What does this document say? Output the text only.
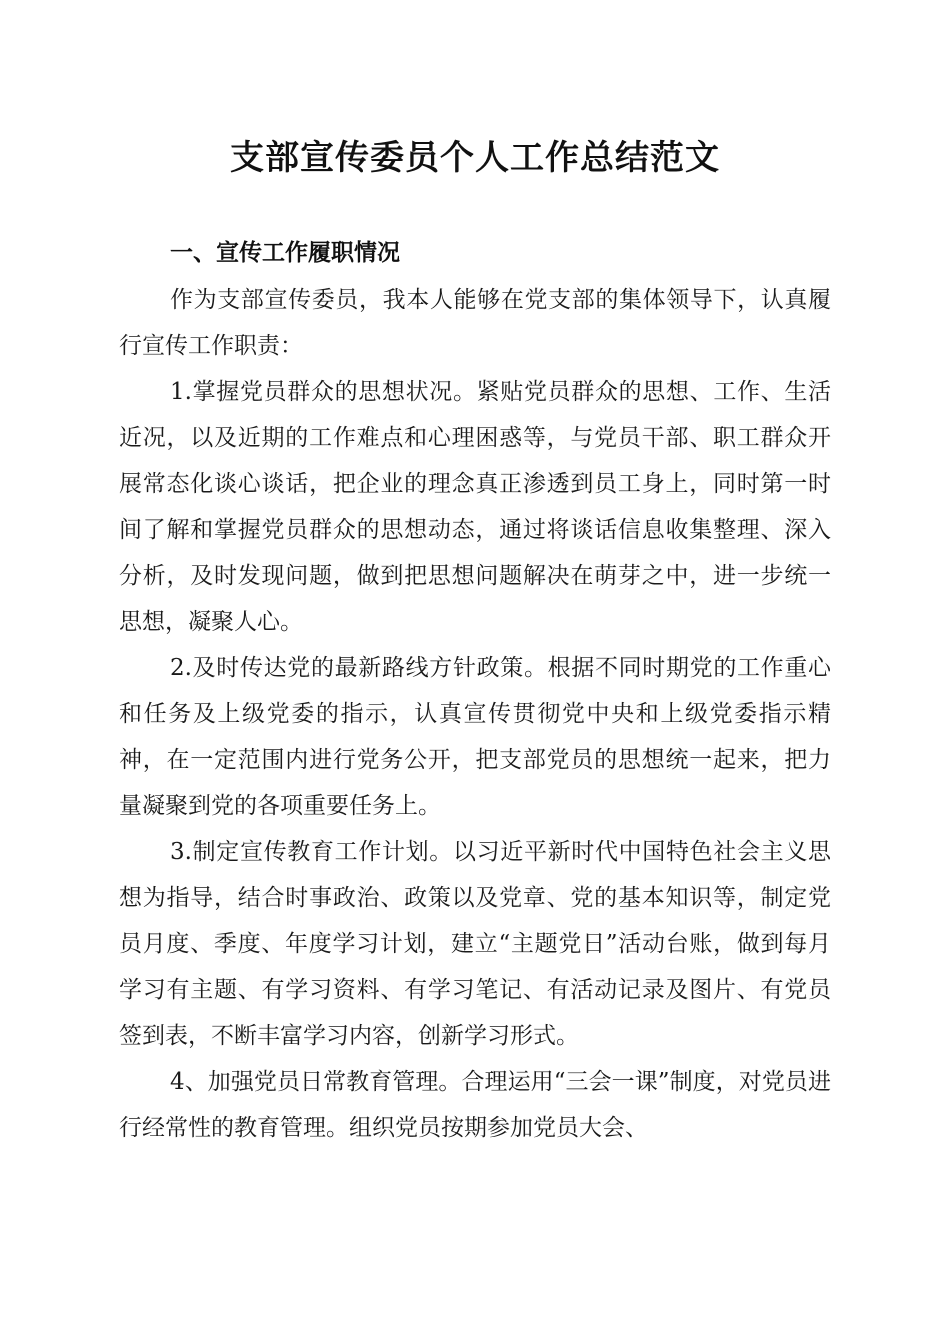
支部宣传委员个人工作总结范文
一、宣传工作履职情况

作为支部宣传委员，我本人能够在党支部的集体领导下，认真履行宣传工作职责：

1.掌握党员群众的思想状况。紧贴党员群众的思想、工作、生活近况，以及近期的工作难点和心理困惑等，与党员干部、职工群众开展常态化谈心谈话，把企业的理念真正渗透到员工身上，同时第一时间了解和掌握党员群众的思想动态，通过将谈话信息收集整理、深入分析，及时发现问题，做到把思想问题解决在萌芽之中，进一步统一思想，凝聚人心。

2.及时传达党的最新路线方针政策。根据不同时期党的工作重心和任务及上级党委的指示，认真宣传贯彻党中央和上级党委指示精神，在一定范围内进行党务公开，把支部党员的思想统一起来，把力量凝聚到党的各项重要任务上。

3.制定宣传教育工作计划。以习近平新时代中国特色社会主义思想为指导，结合时事政治、政策以及党章、党的基本知识等，制定党员月度、季度、年度学习计划，建立“主题党日”活动台账，做到每月学习有主题、有学习资料、有学习笔记、有活动记录及图片、有党员签到表，不断丰富学习内容，创新学习形式。

4、加强党员日常教育管理。合理运用“三会一课”制度，对党员进行经常性的教育管理。组织党员按期参加党员大会、
